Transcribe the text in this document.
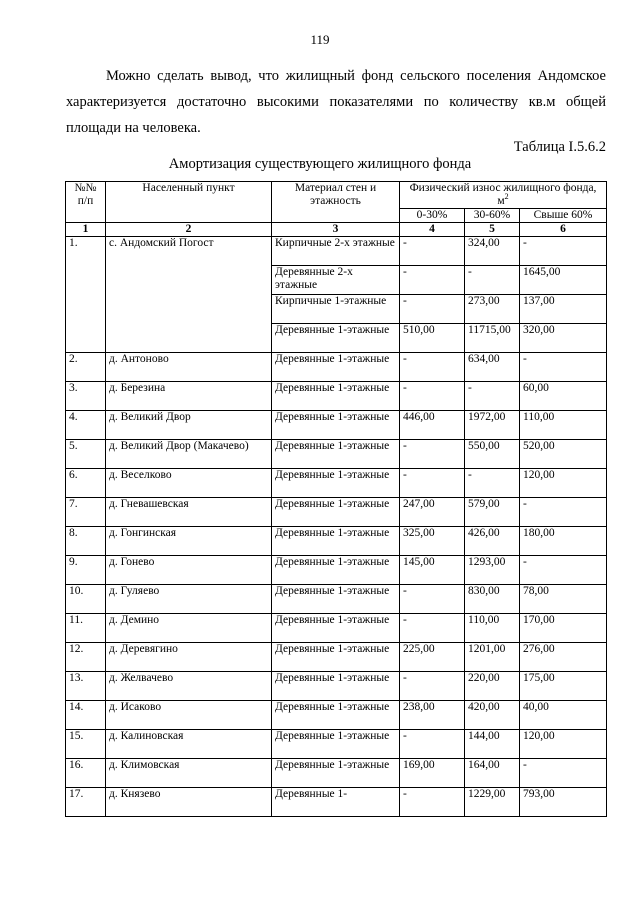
119
Можно сделать вывод, что жилищный фонд сельского поселения Андомское характеризуется достаточно высокими показателями по количеству кв.м общей площади на человека.
Таблица I.5.6.2
Амортизация существующего жилищного фонда
№№ п/п	Населенный пункт	Материал стен и этажность	Физический износ жилищного фонда, $м^2$
			0-30%	30-60%	Свыше 60%
1	2	3	4	5	6
1.	с. Андомский Погост	Кирпичные 2-х этажные	-	324,00	-
		Деревянные 2-х этажные	-	-	1645,00
		Кирпичные 1-этажные	-	273,00	137,00
		Деревянные 1-этажные	510,00	11715,00	320,00
2.	д. Антоново	Деревянные 1-этажные	-	634,00	-
3.	д. Березина	Деревянные 1-этажные	-	-	60,00
4.	д. Великий Двор	Деревянные 1-этажные	446,00	1972,00	110,00
5.	д. Великий Двор (Макачево)	Деревянные 1-этажные	-	550,00	520,00
6.	д. Веселково	Деревянные 1-этажные	-	-	120,00
7.	д. Гневашевская	Деревянные 1-этажные	247,00	579,00	-
8.	д. Гонгинская	Деревянные 1-этажные	325,00	426,00	180,00
9.	д. Гонево	Деревянные 1-этажные	145,00	1293,00	-
10.	д. Гуляево	Деревянные 1-этажные	-	830,00	78,00
11.	д. Демино	Деревянные 1-этажные	-	110,00	170,00
12.	д. Деревягино	Деревянные 1-этажные	225,00	1201,00	276,00
13.	д. Желвачево	Деревянные 1-этажные	-	220,00	175,00
14.	д. Исаково	Деревянные 1-этажные	238,00	420,00	40,00
15.	д. Калиновская	Деревянные 1-этажные	-	144,00	120,00
16.	д. Климовская	Деревянные 1-этажные	169,00	164,00	-
17.	д. Князево	Деревянные 1-	-	1229,00	793,00
